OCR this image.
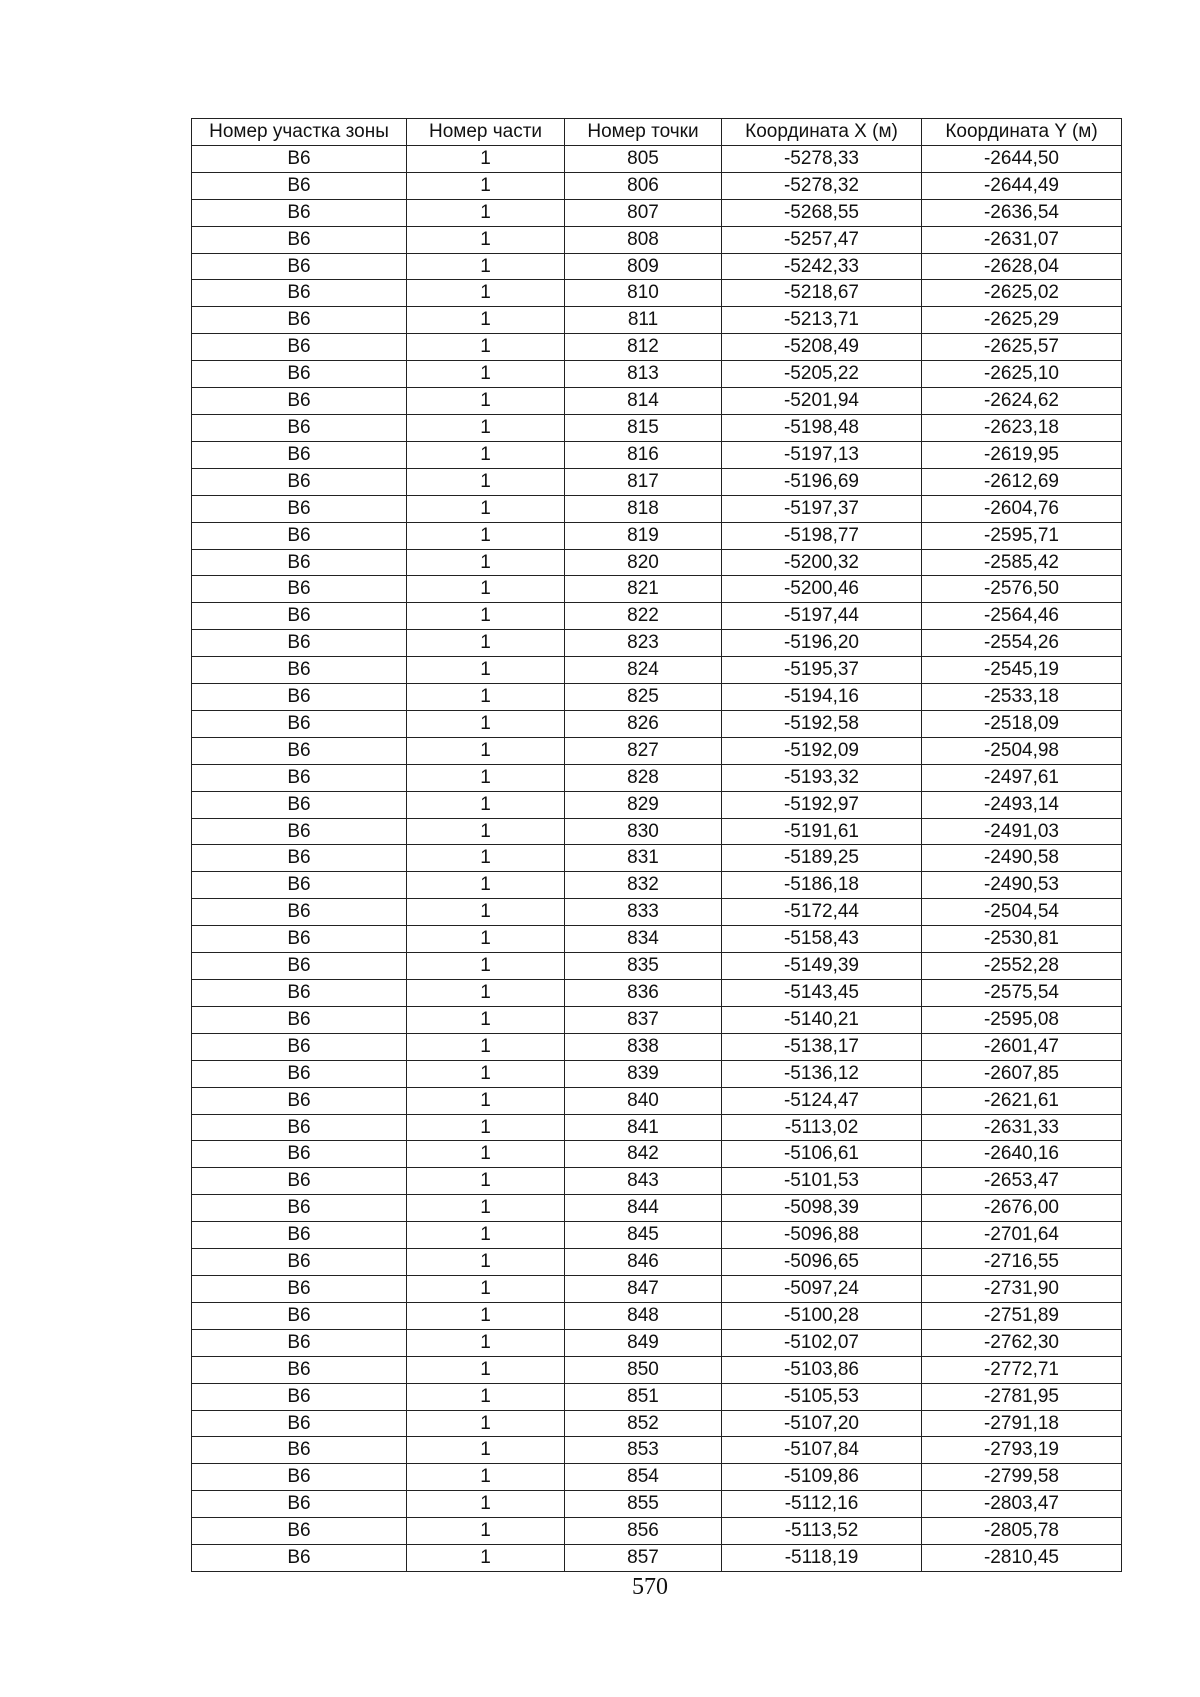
Номер участка зоны	Номер части	Номер точки	Координата X (м)	Координата Y (м)
В6	1	805	-5278,33	-2644,50
В6	1	806	-5278,32	-2644,49
В6	1	807	-5268,55	-2636,54
В6	1	808	-5257,47	-2631,07
В6	1	809	-5242,33	-2628,04
В6	1	810	-5218,67	-2625,02
В6	1	811	-5213,71	-2625,29
В6	1	812	-5208,49	-2625,57
В6	1	813	-5205,22	-2625,10
В6	1	814	-5201,94	-2624,62
В6	1	815	-5198,48	-2623,18
В6	1	816	-5197,13	-2619,95
В6	1	817	-5196,69	-2612,69
В6	1	818	-5197,37	-2604,76
В6	1	819	-5198,77	-2595,71
В6	1	820	-5200,32	-2585,42
В6	1	821	-5200,46	-2576,50
В6	1	822	-5197,44	-2564,46
В6	1	823	-5196,20	-2554,26
В6	1	824	-5195,37	-2545,19
В6	1	825	-5194,16	-2533,18
В6	1	826	-5192,58	-2518,09
В6	1	827	-5192,09	-2504,98
В6	1	828	-5193,32	-2497,61
В6	1	829	-5192,97	-2493,14
В6	1	830	-5191,61	-2491,03
В6	1	831	-5189,25	-2490,58
В6	1	832	-5186,18	-2490,53
В6	1	833	-5172,44	-2504,54
В6	1	834	-5158,43	-2530,81
В6	1	835	-5149,39	-2552,28
В6	1	836	-5143,45	-2575,54
В6	1	837	-5140,21	-2595,08
В6	1	838	-5138,17	-2601,47
В6	1	839	-5136,12	-2607,85
В6	1	840	-5124,47	-2621,61
В6	1	841	-5113,02	-2631,33
В6	1	842	-5106,61	-2640,16
В6	1	843	-5101,53	-2653,47
В6	1	844	-5098,39	-2676,00
В6	1	845	-5096,88	-2701,64
В6	1	846	-5096,65	-2716,55
В6	1	847	-5097,24	-2731,90
В6	1	848	-5100,28	-2751,89
В6	1	849	-5102,07	-2762,30
В6	1	850	-5103,86	-2772,71
В6	1	851	-5105,53	-2781,95
В6	1	852	-5107,20	-2791,18
В6	1	853	-5107,84	-2793,19
В6	1	854	-5109,86	-2799,58
В6	1	855	-5112,16	-2803,47
В6	1	856	-5113,52	-2805,78
В6	1	857	-5118,19	-2810,45
570
